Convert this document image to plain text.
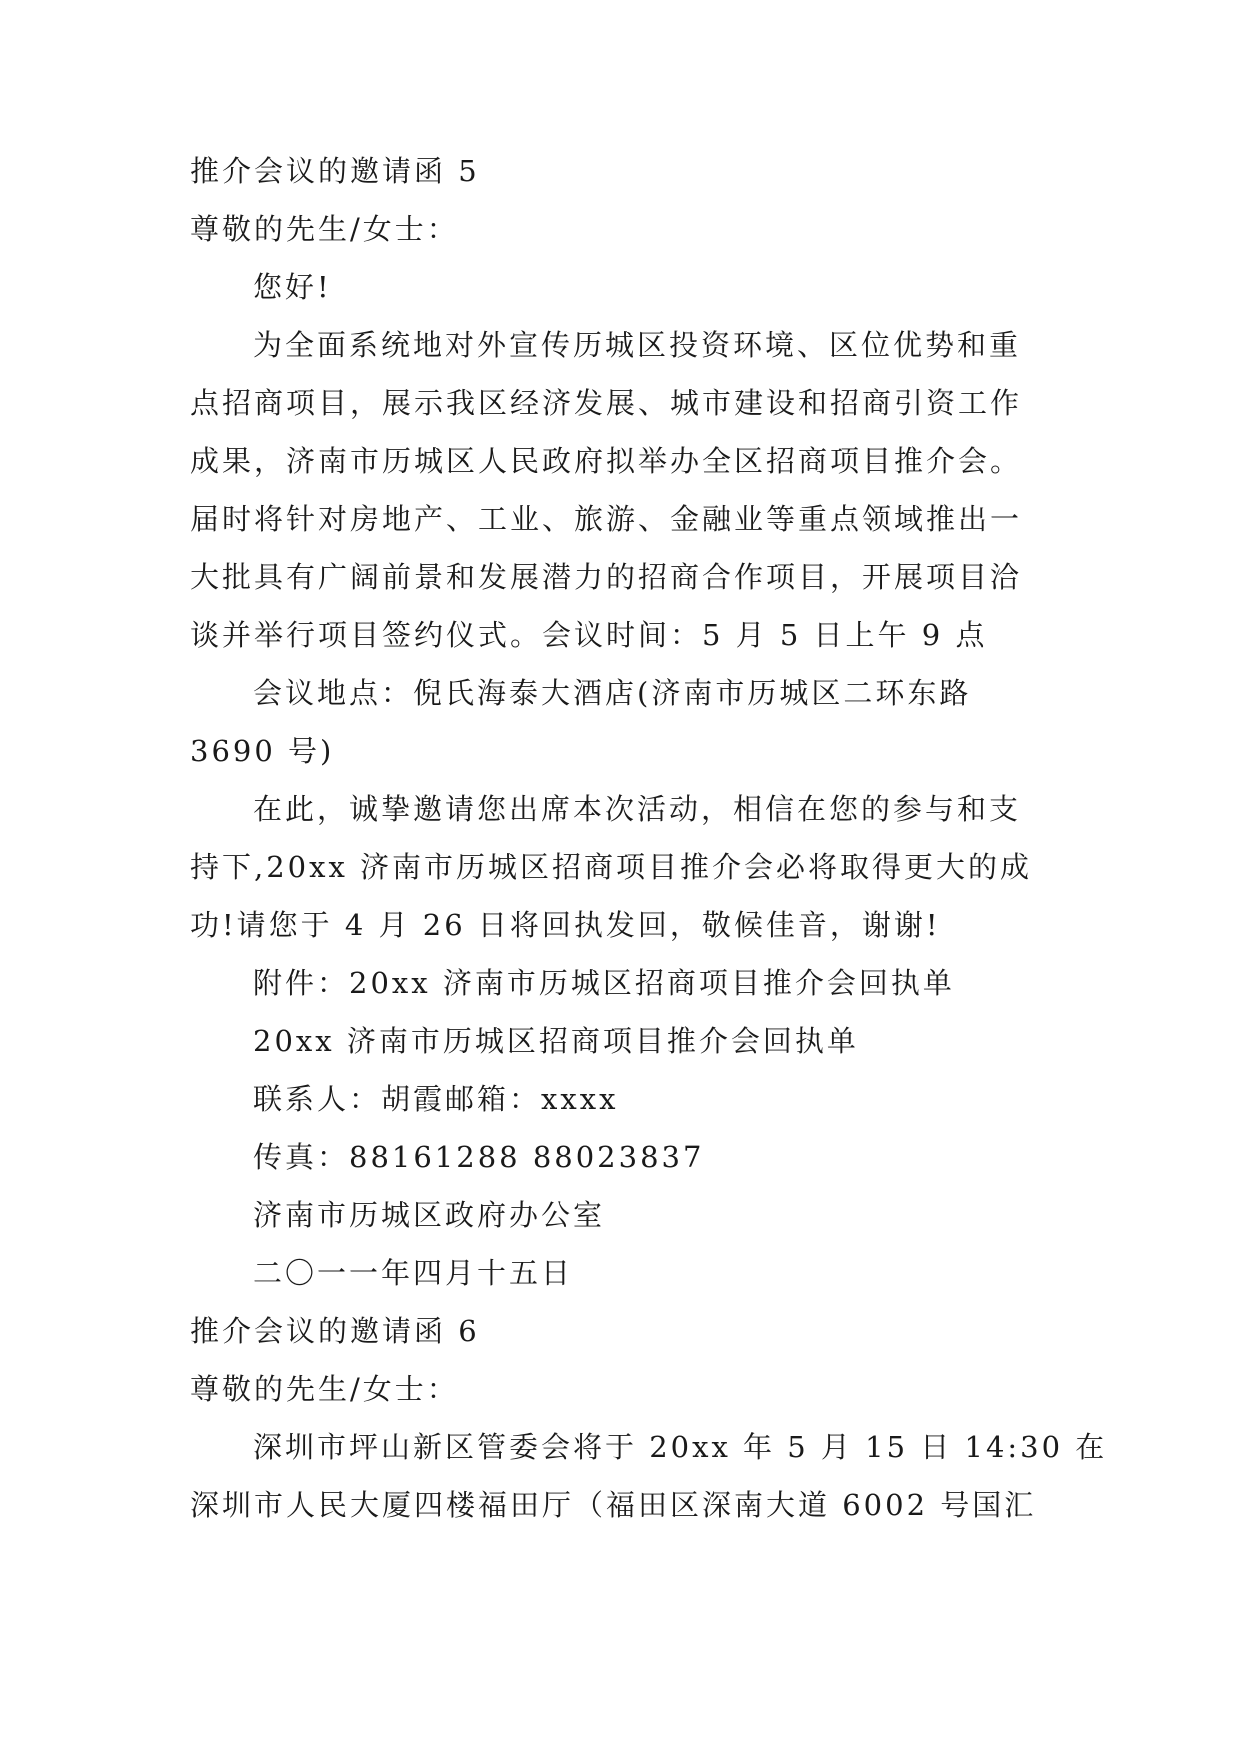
推介会议的邀请函 5
尊敬的先生/女士：
您好!
为全面系统地对外宣传历城区投资环境、区位优势和重
点招商项目，展示我区经济发展、城市建设和招商引资工作
成果，济南市历城区人民政府拟举办全区招商项目推介会。
届时将针对房地产、工业、旅游、金融业等重点领域推出一
大批具有广阔前景和发展潜力的招商合作项目，开展项目洽
谈并举行项目签约仪式。会议时间：5 月 5 日上午 9 点
会议地点：倪氏海泰大酒店(济南市历城区二环东路
3690 号)
在此，诚挚邀请您出席本次活动，相信在您的参与和支
持下,20xx 济南市历城区招商项目推介会必将取得更大的成
功!请您于 4 月 26 日将回执发回，敬候佳音，谢谢!
附件：20xx 济南市历城区招商项目推介会回执单
20xx 济南市历城区招商项目推介会回执单
联系人：胡霞邮箱：xxxx
传真：88161288 88023837
济南市历城区政府办公室
二〇一一年四月十五日
推介会议的邀请函 6
尊敬的先生/女士：
深圳市坪山新区管委会将于 20xx 年 5 月 15 日 14:30 在
深圳市人民大厦四楼福田厅（福田区深南大道 6002 号国汇
